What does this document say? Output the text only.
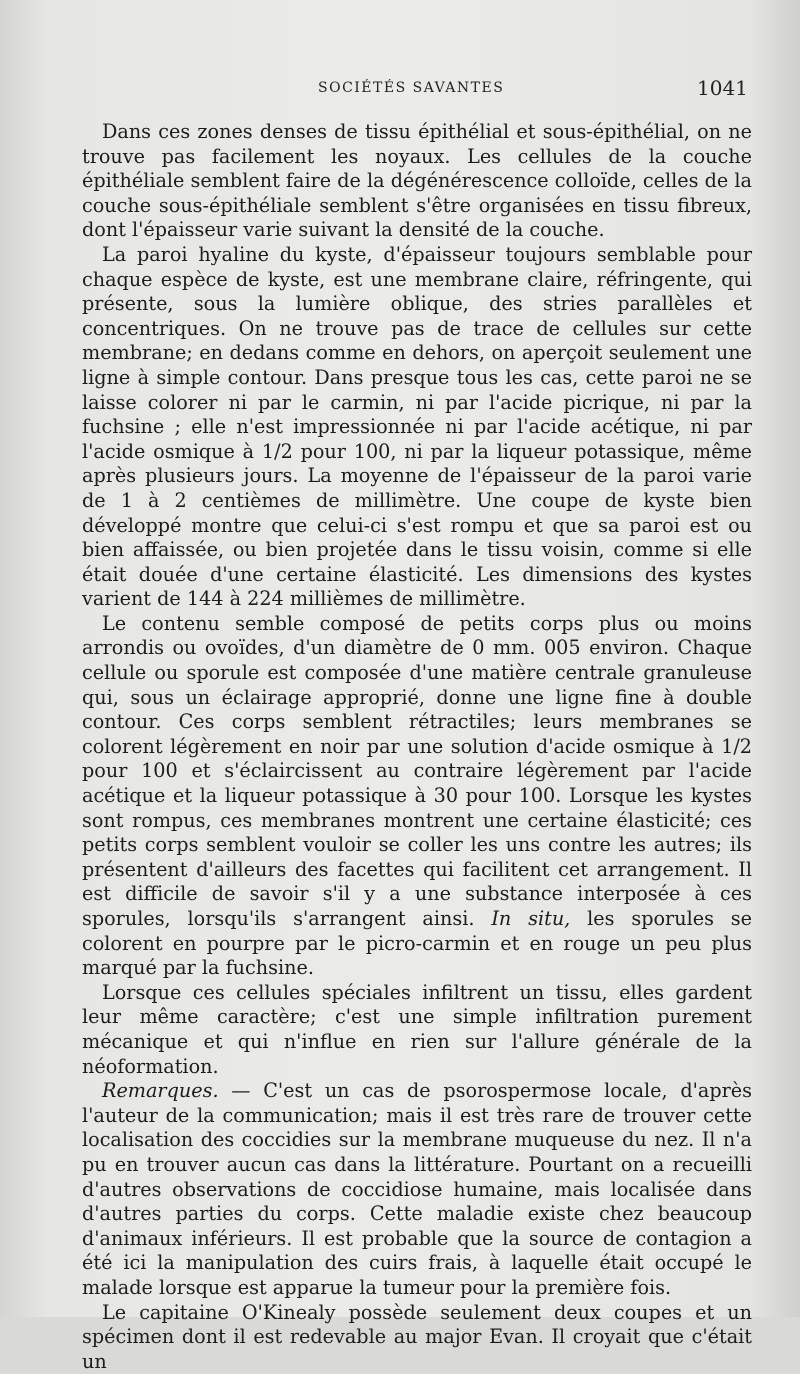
SOCIÉTÉS SAVANTES	1041

Dans ces zones denses de tissu épithélial et sous-épithélial, on ne trouve pas facilement les noyaux. Les cellules de la couche épithéliale semblent faire de la dégénérescence colloïde, celles de la couche sous-épithéliale semblent s'être organisées en tissu fibreux, dont l'épaisseur varie suivant la densité de la couche.

La paroi hyaline du kyste, d'épaisseur toujours semblable pour chaque espèce de kyste, est une membrane claire, réfringente, qui présente, sous la lumière oblique, des stries parallèles et concentriques. On ne trouve pas de trace de cellules sur cette membrane; en dedans comme en dehors, on aperçoit seulement une ligne à simple contour. Dans presque tous les cas, cette paroi ne se laisse colorer ni par le carmin, ni par l'acide picrique, ni par la fuchsine ; elle n'est impressionnée ni par l'acide acétique, ni par l'acide osmique à 1/2 pour 100, ni par la liqueur potassique, même après plusieurs jours. La moyenne de l'épaisseur de la paroi varie de 1 à 2 centièmes de millimètre. Une coupe de kyste bien développé montre que celui-ci s'est rompu et que sa paroi est ou bien affaissée, ou bien projetée dans le tissu voisin, comme si elle était douée d'une certaine élasticité. Les dimensions des kystes varient de 144 à 224 millièmes de millimètre.

Le contenu semble composé de petits corps plus ou moins arrondis ou ovoïdes, d'un diamètre de 0 mm. 005 environ. Chaque cellule ou sporule est composée d'une matière centrale granuleuse qui, sous un éclairage approprié, donne une ligne fine à double contour. Ces corps semblent rétractiles; leurs membranes se colorent légèrement en noir par une solution d'acide osmique à 1/2 pour 100 et s'éclaircissent au contraire légèrement par l'acide acétique et la liqueur potassique à 30 pour 100. Lorsque les kystes sont rompus, ces membranes montrent une certaine élasticité; ces petits corps semblent vouloir se coller les uns contre les autres; ils présentent d'ailleurs des facettes qui facilitent cet arrangement. Il est difficile de savoir s'il y a une substance interposée à ces sporules, lorsqu'ils s'arrangent ainsi. In situ, les sporules se colorent en pourpre par le picro-carmin et en rouge un peu plus marqué par la fuchsine.

Lorsque ces cellules spéciales infiltrent un tissu, elles gardent leur même caractère; c'est une simple infiltration purement mécanique et qui n'influe en rien sur l'allure générale de la néoformation.

Remarques. — C'est un cas de psorospermose locale, d'après l'auteur de la communication; mais il est très rare de trouver cette localisation des coccidies sur la membrane muqueuse du nez. Il n'a pu en trouver aucun cas dans la littérature. Pourtant on a recueilli d'autres observations de coccidiose humaine, mais localisée dans d'autres parties du corps. Cette maladie existe chez beaucoup d'animaux inférieurs. Il est probable que la source de contagion a été ici la manipulation des cuirs frais, à laquelle était occupé le malade lorsque est apparue la tumeur pour la première fois.

Le capitaine O'Kinealy possède seulement deux coupes et un spécimen dont il est redevable au major Evan. Il croyait que c'était un
